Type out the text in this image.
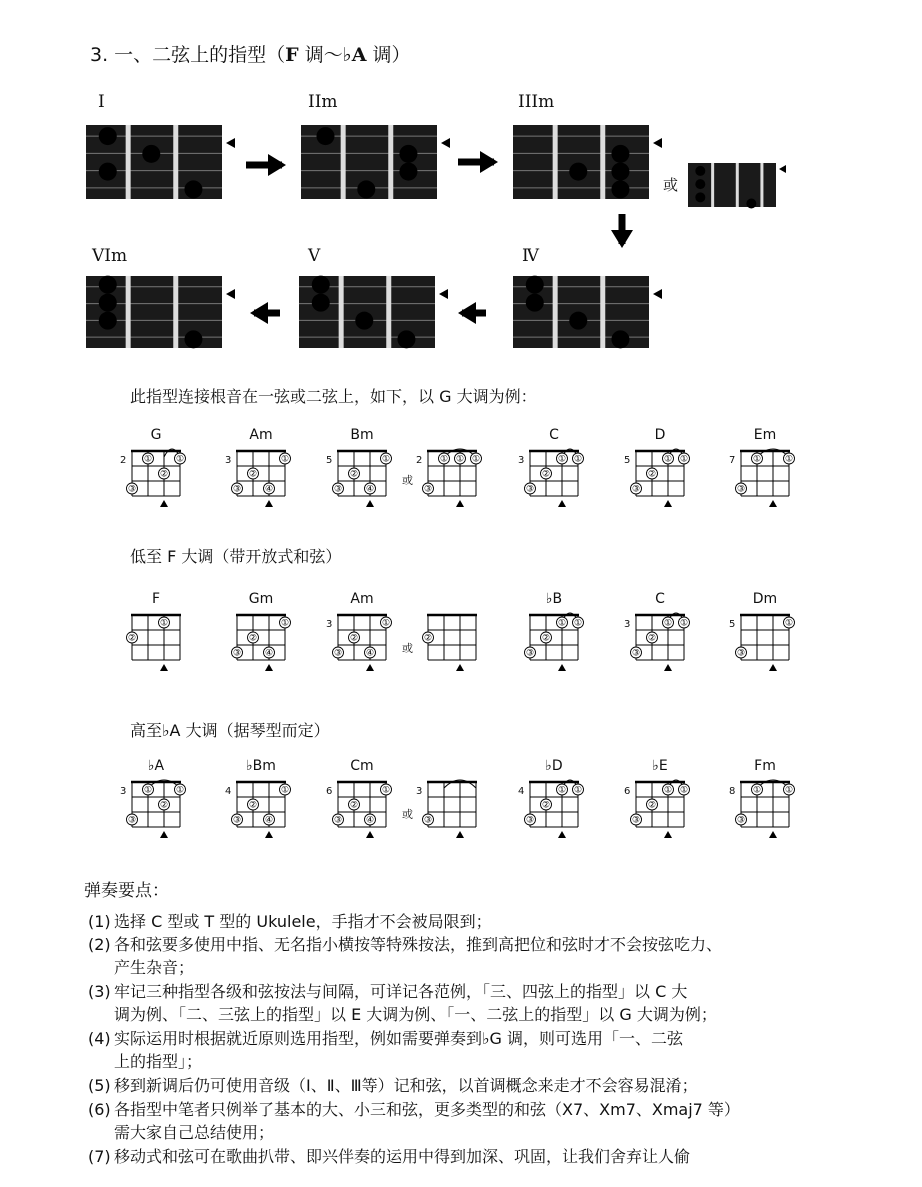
3. 一、二弦上的指型（F 调～♭A 调）
I	IIm	IIIm
VIm	V	Ⅳ
或
此指型连接根音在一弦或二弦上，如下，以 G 大调为例：
G
2
Am
3
Bm
5	2
C
3
D
5
Em
7
F	Gm	Am
3
♭B	C
3
Dm
5
♭A
3
♭Bm
4
Cm
6	3
♭D
4
♭E
6
Fm
8
①	①
②
③
①
②
③	④
①
②
③	④
① ① ①
③
① ①
②
③
① ①
②
③
①	①
③
①
②
①
②
③	④
①
②
③	④
②
① ①
②
③
① ①
②
③
①
③
①	①
②
③
①
②
③	④
①
②
③	④	③
① ①
②
③
① ①
②
③
①	①
③
低至 F 大调（带开放式和弦）
高至♭A 大调（据琴型而定）
或
或
或
弹奏要点：
(1) 选择 C 型或 T 型的 Ukulele，手指才不会被局限到；
(2) 各和弦要多使用中指、无名指小横按等特殊按法，推到高把位和弦时才不会按弦吃力、
产生杂音；
(3) 牢记三种指型各级和弦按法与间隔，可详记各范例，「三、四弦上的指型」以 C 大
调为例、「二、三弦上的指型」以 E 大调为例、「一、二弦上的指型」以 G 大调为例；
(4) 实际运用时根据就近原则选用指型，例如需要弹奏到♭G 调，则可选用「一、二弦
上的指型」；
(5) 移到新调后仍可使用音级（Ⅰ、Ⅱ、Ⅲ等）记和弦，以首调概念来走才不会容易混淆；
(6) 各指型中笔者只例举了基本的大、小三和弦，更多类型的和弦（X7、Xm7、Xmaj7 等）
需大家自己总结使用；
(7) 移动式和弦可在歌曲扒带、即兴伴奏的运用中得到加深、巩固，让我们舍弃让人偷
